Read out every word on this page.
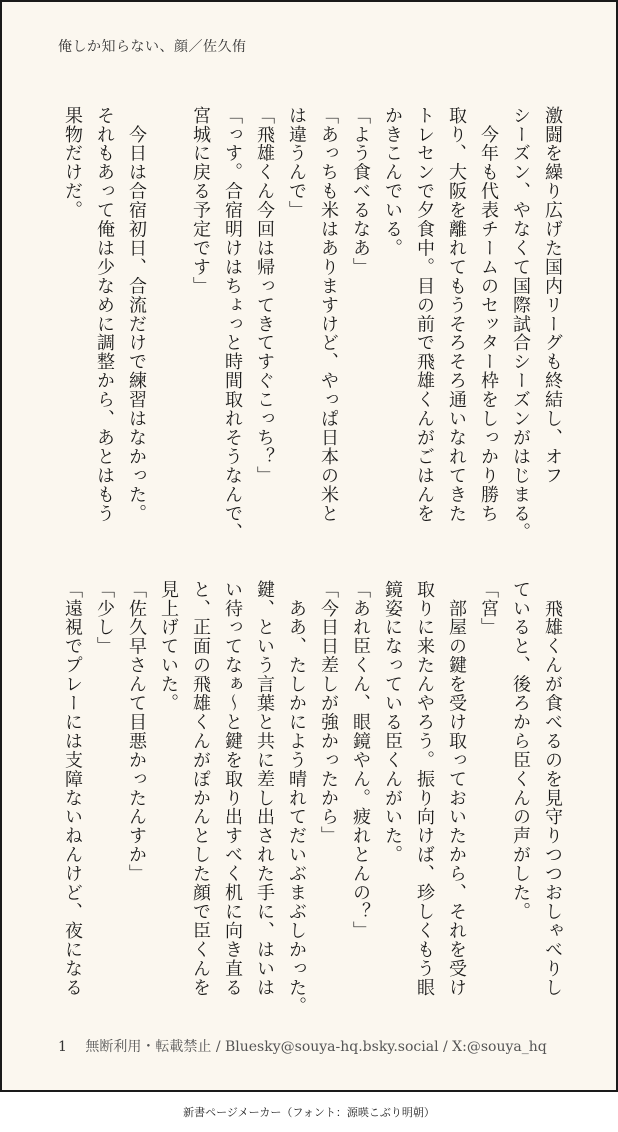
俺しか知らない、顔／佐久侑
激闘を繰り広げた国内リーグも終結し、オフ
シーズン、やなくて国際試合シーズンがはじまる。
　今年も代表チームのセッター枠をしっかり勝ち
取り、大阪を離れてもうそろそろ通いなれてきた
トレセンで夕食中。目の前で飛雄くんがごはんを
かきこんでいる。
「よう食べるなあ」
「あっちも米はありますけど、やっぱ日本の米と
は違うんで」
「飛雄くん今回は帰ってきてすぐこっち？」
「っす。合宿明けはちょっと時間取れそうなんで、
宮城に戻る予定です」
　今日は合宿初日、合流だけで練習はなかった。
それもあって俺は少なめに調整から、あとはもう
果物だけだ。
　飛雄くんが食べるのを見守りつつおしゃべりし
ていると、後ろから臣くんの声がした。
「宮」
　部屋の鍵を受け取っておいたから、それを受け
取りに来たんやろう。振り向けば、珍しくもう眼
鏡姿になっている臣くんがいた。
「あれ臣くん、眼鏡やん。疲れとんの？」
「今日日差しが強かったから」
　ああ、たしかによう晴れてだいぶまぶしかった。
鍵、という言葉と共に差し出された手に、はいは
い待ってなぁ〜と鍵を取り出すべく机に向き直る
と、正面の飛雄くんがぽかんとした顔で臣くんを
見上げていた。
「佐久早さんて目悪かったんすか」
「少し」
「遠視でプレーには支障ないねんけど、夜になる
1 無断利用・転載禁止 / Bluesky@souya-hq.bsky.social / X:@souya_hq
新書ページメーカー（フォント：源暎こぶり明朝）
